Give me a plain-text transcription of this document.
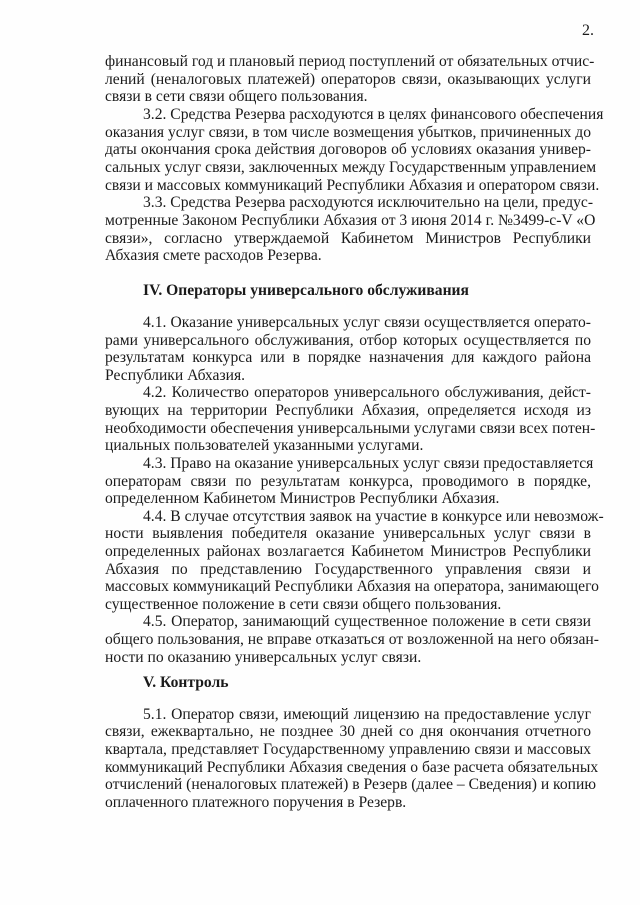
2.
финансовый год и плановый период поступлений от обязательных отчис-
лений (неналоговых платежей) операторов связи, оказывающих услуги
связи в сети связи общего пользования.
3.2. Средства Резерва расходуются в целях финансового обеспечения
оказания услуг связи, в том числе возмещения убытков, причиненных до
даты окончания срока действия договоров об условиях оказания универ-
сальных услуг связи, заключенных между Государственным управлением
связи и массовых коммуникаций Республики Абхазия и оператором связи.
3.3. Средства Резерва расходуются исключительно на цели, предус-
мотренные Законом Республики Абхазия от 3 июня 2014 г. №3499-с-V «О
связи», согласно утверждаемой Кабинетом Министров Республики
Абхазия смете расходов Резерва.
IV. Операторы универсального обслуживания
4.1. Оказание универсальных услуг связи осуществляется операто-
рами универсального обслуживания, отбор которых осуществляется по
результатам конкурса или в порядке назначения для каждого района
Республики Абхазия.
4.2. Количество операторов универсального обслуживания, дейст-
вующих на территории Республики Абхазия, определяется исходя из
необходимости обеспечения универсальными услугами связи всех потен-
циальных пользователей указанными услугами.
4.3. Право на оказание универсальных услуг связи предоставляется
операторам связи по результатам конкурса, проводимого в порядке,
определенном Кабинетом Министров Республики Абхазия.
4.4. В случае отсутствия заявок на участие в конкурсе или невозмож-
ности выявления победителя оказание универсальных услуг связи в
определенных районах возлагается Кабинетом Министров Республики
Абхазия по представлению Государственного управления связи и
массовых коммуникаций Республики Абхазия на оператора, занимающего
существенное положение в сети связи общего пользования.
4.5. Оператор, занимающий существенное положение в сети связи
общего пользования, не вправе отказаться от возложенной на него обязан-
ности по оказанию универсальных услуг связи.
V. Контроль
5.1. Оператор связи, имеющий лицензию на предоставление услуг
связи, ежеквартально, не позднее 30 дней со дня окончания отчетного
квартала, представляет Государственному управлению связи и массовых
коммуникаций Республики Абхазия сведения о базе расчета обязательных
отчислений (неналоговых платежей) в Резерв (далее – Сведения) и копию
оплаченного платежного поручения в Резерв.
